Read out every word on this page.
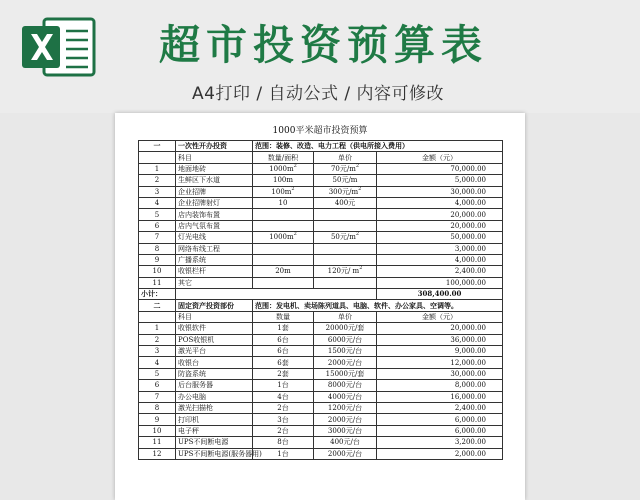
超市投资预算表
A4打印 / 自动公式 / 内容可修改
1000平米超市投资预算
一	一次性开办投资	范围：装修、改造、电力工程（供电所接入费用）		
	科目	数量/面积	单价	金额（元）
1	地面地砖	$1000m^2$	70元$/m^2$	70,000.00
2	生鲜区下水道	100m	50元/m	5,000.00
3	企业招牌	$100m^2$	300元$/m^2$	30,000.00
4	企业招牌射灯	10	400元	4,000.00
5	店内装饰布置			20,000.00
6	店内气氛布置			20,000.00
7	灯光电线	$1000m^2$	50元$/m^2$	50,000.00
8	网络布线工程			3,000.00
9	广播系统			4,000.00
10	收银栏杆	20m	120元/ $m^2$	2,400.00
11	其它			100,000.00
小计：				308,400.00
二	固定资产投资部份	范围：发电机、卖场陈列道具、电脑、软件、办公家具、空调等。		
	科目	数量	单价	金额（元）
1	收银软件	1套	20000元/套	20,000.00
2	POS收银机	6台	6000元/台	36,000.00
3	激光平台	6台	1500元/台	9,000.00
4	收银台	6套	2000元/台	12,000.00
5	防盗系统	2套	15000元/套	30,000.00
6	后台服务器	1台	8000元/台	8,000.00
7	办公电脑	4台	4000元/台	16,000.00
8	激光扫描枪	2台	1200元/台	2,400.00
9	打印机	3台	2000元/台	6,000.00
10	电子秤	2台	3000元/台	6,000.00
11	UPS不间断电源	8台	400元/台	3,200.00
12	UPS不间断电源(服务器用)	1台	2000元/台	2,000.00
